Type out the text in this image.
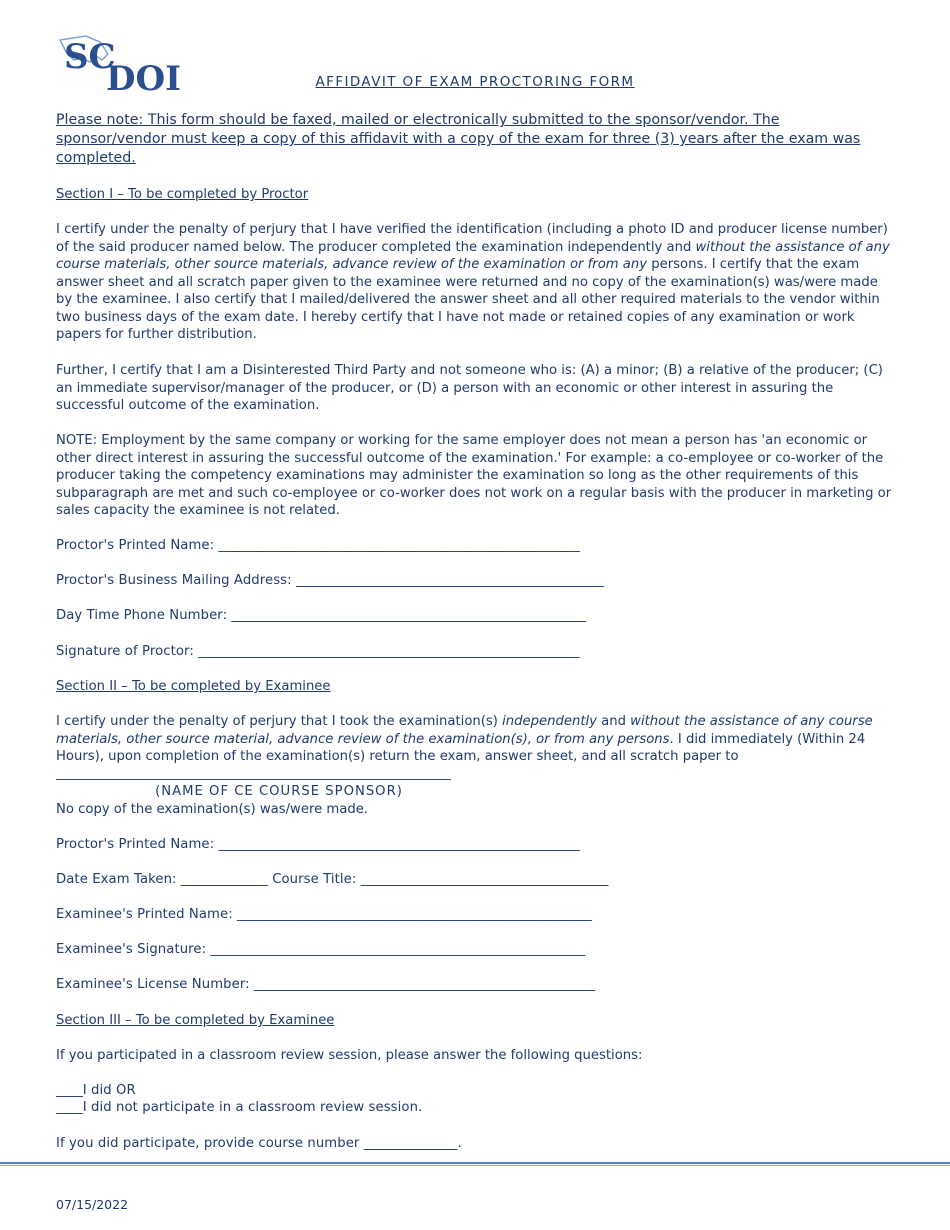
SC
DOI	AFFIDAVIT OF EXAM PROCTORING FORM

Please note: This form should be faxed, mailed or electronically submitted to the sponsor/vendor. The sponsor/vendor must keep a copy of this affidavit with a copy of the exam for three (3) years after the exam was completed.

Section I – To be completed by Proctor

I certify under the penalty of perjury that I have verified the identification (including a photo ID and producer license number) of the said producer named below. The producer completed the examination independently and without the assistance of any course materials, other source materials, advance review of the examination or from any persons. I certify that the exam answer sheet and all scratch paper given to the examinee were returned and no copy of the examination(s) was/were made by the examinee. I also certify that I mailed/delivered the answer sheet and all other required materials to the vendor within two business days of the exam date. I hereby certify that I have not made or retained copies of any examination or work papers for further distribution.

Further, I certify that I am a Disinterested Third Party and not someone who is: (A) a minor; (B) a relative of the producer; (C) an immediate supervisor/manager of the producer, or (D) a person with an economic or other interest in assuring the successful outcome of the examination.

NOTE: Employment by the same company or working for the same employer does not mean a person has 'an economic or other direct interest in assuring the successful outcome of the examination.' For example: a co-employee or co-worker of the producer taking the competency examinations may administer the examination so long as the other requirements of this subparagraph are met and such co-employee or co-worker does not work on a regular basis with the producer in marketing or sales capacity the examinee is not related.

Proctor's Printed Name: ______________________________________________________
Proctor's Business Mailing Address: ______________________________________________
Day Time Phone Number: _____________________________________________________
Signature of Proctor: _________________________________________________________
Section II – To be completed by Examinee

I certify under the penalty of perjury that I took the examination(s) independently and without the assistance of any course materials, other source material, advance review of the examination(s), or from any persons. I did immediately (Within 24 Hours), upon completion of the examination(s) return the exam, answer sheet, and all scratch paper to

___________________________________________________________
(NAME OF CE COURSE SPONSOR)
No copy of the examination(s) was/were made.
Proctor's Printed Name: ______________________________________________________
Date Exam Taken: _____________ Course Title: _____________________________________
Examinee's Printed Name: _____________________________________________________
Examinee's Signature: ________________________________________________________
Examinee's License Number: ___________________________________________________
Section III – To be completed by Examinee
If you participated in a classroom review session, please answer the following questions:
____I did OR
____I did not participate in a classroom review session.
If you did participate, provide course number ______________.
07/15/2022
